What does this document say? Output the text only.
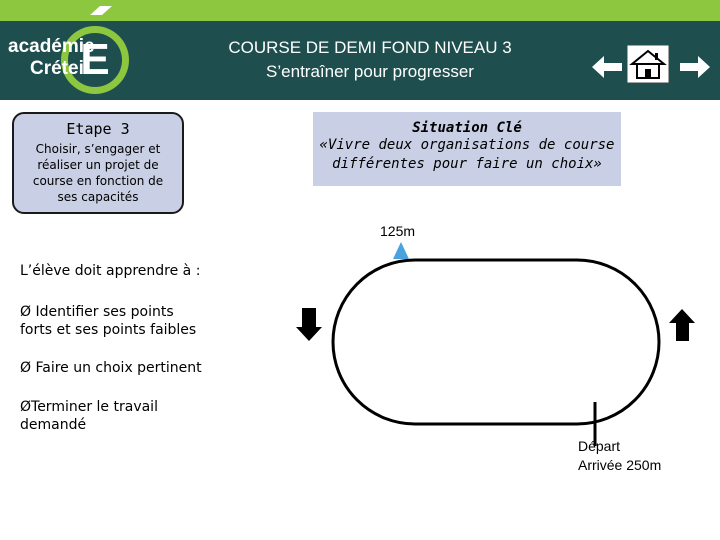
E
académie
Créteil
COURSE DE DEMI FOND NIVEAU 3
S’entraîner pour progresser
Etape 3
Choisir, s’engager et réaliser un projet de course en fonction de ses capacités
Situation Clé
«Vivre deux organisations de course
différentes pour faire un choix»
125m
L’élève doit apprendre à :
Ø Identifier ses points
forts et ses points faibles
Ø Faire un choix pertinent
ØTerminer le travail
demandé
Départ
Arrivée 250m
